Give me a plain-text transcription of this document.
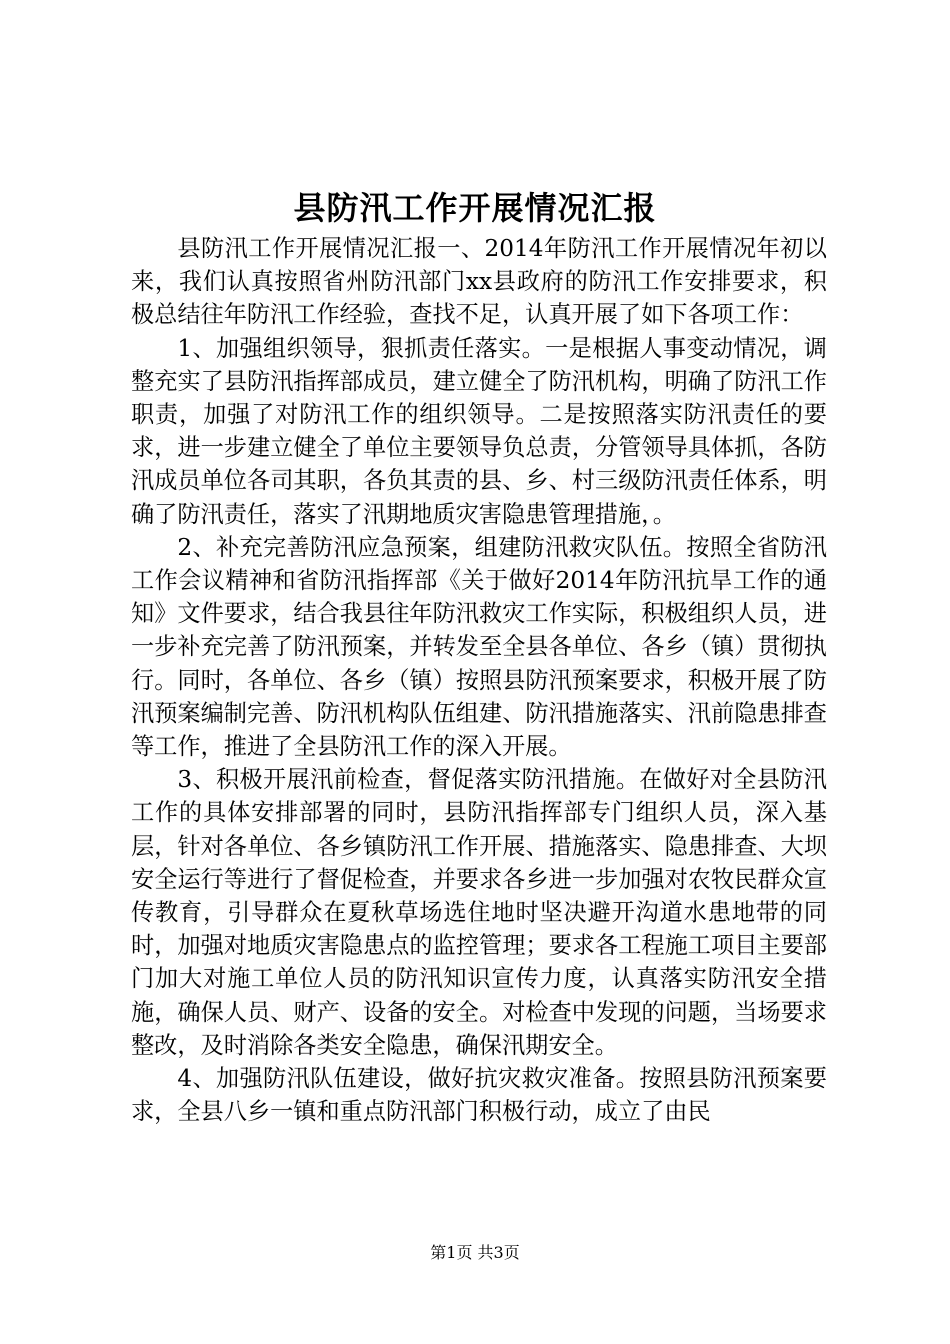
县防汛工作开展情况汇报

县防汛工作开展情况汇报一、2014年防汛工作开展情况年初以来，我们认真按照省州防汛部门xx县政府的防汛工作安排要求，积极总结往年防汛工作经验，查找不足，认真开展了如下各项工作：

1、加强组织领导，狠抓责任落实。一是根据人事变动情况，调整充实了县防汛指挥部成员，建立健全了防汛机构，明确了防汛工作职责，加强了对防汛工作的组织领导。二是按照落实防汛责任的要求，进一步建立健全了单位主要领导负总责，分管领导具体抓，各防汛成员单位各司其职，各负其责的县、乡、村三级防汛责任体系，明确了防汛责任，落实了汛期地质灾害隐患管理措施，。

2、补充完善防汛应急预案，组建防汛救灾队伍。按照全省防汛工作会议精神和省防汛指挥部《关于做好2014年防汛抗旱工作的通知》文件要求，结合我县往年防汛救灾工作实际，积极组织人员，进一步补充完善了防汛预案，并转发至全县各单位、各乡（镇）贯彻执行。同时，各单位、各乡（镇）按照县防汛预案要求，积极开展了防汛预案编制完善、防汛机构队伍组建、防汛措施落实、汛前隐患排查等工作，推进了全县防汛工作的深入开展。

3、积极开展汛前检查，督促落实防汛措施。在做好对全县防汛工作的具体安排部署的同时，县防汛指挥部专门组织人员，深入基层，针对各单位、各乡镇防汛工作开展、措施落实、隐患排查、大坝安全运行等进行了督促检查，并要求各乡进一步加强对农牧民群众宣传教育，引导群众在夏秋草场选住地时坚决避开沟道水患地带的同时，加强对地质灾害隐患点的监控管理；要求各工程施工项目主要部门加大对施工单位人员的防汛知识宣传力度，认真落实防汛安全措施，确保人员、财产、设备的安全。对检查中发现的问题，当场要求整改，及时消除各类安全隐患，确保汛期安全。

4、加强防汛队伍建设，做好抗灾救灾准备。按照县防汛预案要求，全县八乡一镇和重点防汛部门积极行动，成立了由民

第1页 共3页
